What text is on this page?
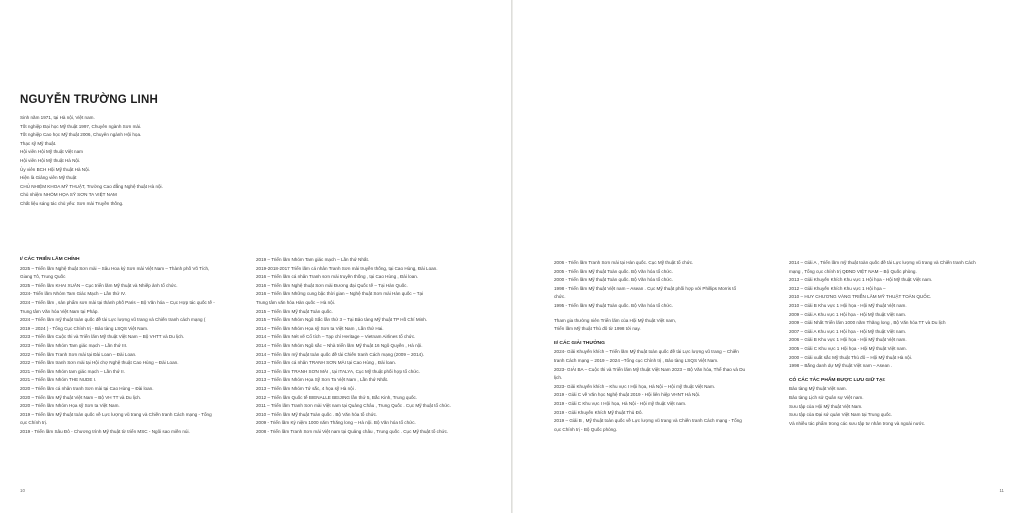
NGUYỄN TRƯỜNG LINH
Sinh năm 1971, tại Hà nội, Việt nam.
Tốt nghiệp Đại học Mỹ thuật 1997, Chuyên ngành Sơn mài.
Tốt nghiệp Cao học Mỹ thuật 2006, Chuyên ngành Hội họa.
Thạc sỹ Mỹ thuật.
Hội viên Hội Mỹ thuật Việt nam
Hội viên Hội Mỹ thuật Hà Nội.
Ủy viên BCH Hội Mỹ thuật Hà Nội.
Hiện là Giảng viên Mỹ thuật
CHỦ NHIỆM KHOA MỸ THUẬT, Trường Cao đẳng Nghệ thuật Hà nội.
Chủ nhiệm NHÓM HỌA SỸ SƠN TA VIỆT NAM
Chất liệu sáng tác chủ yếu: Sơn mài Truyền thống.
I/ CÁC TRIỂN LÃM CHÍNH
2025 – Triển lãm Nghệ thuật Sơn mài – Sâu Hoa ký Sơn mài Việt Nam – Thành phố Võ Tích,
Giang Tô, Trung Quốc
2025 – Triển lãm KHAI XUÂN – Cục triển lãm Mỹ thuật và Nhiếp ảnh tổ chức.
2024- Triển lãm Nhóm Tam Giác Mạch – Lần thứ IV.
2024 – Triển lãm , sản phẩm sơn mài tại thành phố Paris – Bộ Văn hóa – Cục Hợp tác quốc tế -
Trung tâm Văn hóa Việt Nam tại Pháp.
2024 – Triển lãm mỹ thuật toàn quốc đề tài Lực lượng vũ trang và Chiến tranh cách mạng (
2019 – 2024 ) - Tổng Cục Chính trị - Bảo tàng LSQS Việt Nam.
2023 – Triển lãm Cuộc thi và Triển lãm Mỹ thuật Việt Nam – Bộ VHTT và Du lịch.
2023 – Triển lãm Nhóm Tam giác mạch – Lần thứ III.
2022 – Triển lãm Tranh Sơn mài tại Đài Loan – Đài Loan.
2022 – Triển lãm tranh Sơn mài tại Hội chợ Nghệ thuật Cao Hùng – Đài Loan.
2021 – Triển lãm Nhóm tam giác mạch – Lần thứ II.
2021 – Triển lãm Nhóm THE NUDE I.
2020 – Triển lãm cá nhân tranh Sơn mài tại Cao Hùng – Đài loan.
2020 – Triển lãm Mỹ thuật Việt Nam – Bộ VH TT và Du lịch.
2020 – Triển lãm Nhóm Họa sỹ Sơn ta Việt Nam.
2019 – Triển lãm Mỹ thuật toàn quốc về Lực lượng vũ trang và Chiến tranh Cách mạng - Tổng
cục Chính trị.
2019 - Triển lãm Sâu Đô - Chương trình Mỹ thuật từ triển MSC - Ngôi sao miền núi.
2019 – Triển lãm Nhóm Tam giác mạch – Lần thứ Nhất.
2019-2018-2017 Triển lãm cá nhân Tranh Sơn mài truyền thống, tại Cao Hùng, Đài Loan.
2016 – Triển lãm cá nhân Tranh sơn mài truyền thống , tại Cao Hùng , Đài loan.
2016 – Triển lãm Nghệ thuật Sơn mài Đương đại Quốc tế – Tại Hàn Quốc.
2016 – Triển lãm Những cung bậc thời gian – Nghệ thuật Sơn mài Hàn quốc – Tại
Trung tâm văn hóa Hàn quốc – Hà nội.
2015 – Triển lãm Mỹ thuật Toàn quốc.
2015 – Triển lãm Nhóm Ngũ Sắc lần thứ 3 – Tại Bảo tàng Mỹ thuật TP Hồ Chí Minh.
2014 – Triển lãm Nhóm Họa sỹ Sơn ta Việt Nam , Lần thứ Hai.
2014 – Triển lãm Nét vẽ Cổ tích – Tạp chí Heritage – Vietnam Airlines tổ chức.
2014 – Triển lãm Nhóm Ngũ sắc – Nhà triển lãm Mỹ thuật 16 Ngô Quyền , Hà nội.
2014 – Triển lãm mỹ thuật toàn quốc đề tài Chiến tranh Cách mạng (2009 – 2014).
2013 – Triển lãm cá nhân TRANH SƠN MÀI tại Cao Hùng , Đài loan.
2013 – Triển lãm TRANH SƠN MÀI , tại ITALYA, Cục Mỹ thuật phối hợp tổ chức.
2013 – Triển lãm Nhóm Họa Sỹ Sơn Ta Việt Nam , Lần thứ Nhất.
2013 – Triển lãm Nhóm Tứ sắc, 4 họa sỹ Hà nội .
2012 – Triển lãm Quốc tế BIENALLE BEIJING lần thứ 5, Bắc Kinh, Trung quốc.
2011 – Triển lãm Tranh Sơn mài Việt nam tại Quảng Châu , Trung Quốc . Cục Mỹ thuật tổ chức.
2010 – Triển lãm Mỹ thuật Toàn quốc . Bộ Văn hóa tổ chức.
2009 - Triển lãm Kỷ niệm 1000 năm Thăng long – Hà nội. Bộ Văn hóa tổ chức.
2008 - Triển lãm Tranh Sơn mài Việt nam tại Quảng châu , Trung quốc . Cục Mỹ thuật tổ chức.
10
2006 - Triển lãm Tranh Sơn mài tại Hàn quốc. Cục Mỹ thuật tổ chức.
2005 - Triển lãm Mỹ thuật Toàn quốc. Bộ Văn hóa tổ chức.
2000 - Triển lãm Mỹ thuật Toàn quốc. Bộ Văn hóa tổ chức.
1998 - Triển lãm Mỹ thuật Việt nam – Asean . Cục Mỹ thuật phối hợp với Phillips Morris tổ
chức.
1995 - Triển lãm Mỹ thuật Toàn quốc. Bộ Văn hóa tổ chức.
Tham gia thường niên Triển lãm của Hội Mỹ thuật Việt nam,
Triển lãm Mỹ thuật Thủ đô từ 1998 tới nay.
II/ CÁC GIẢI THƯỞNG
2024- Giải Khuyến khích – Triển lãm Mỹ thuật toàn quốc đề tài Lực lượng vũ trang – Chiến
tranh Cách mạng – 2019 – 2024 –Tổng cục Chính trị , Bảo tàng LSQS Việt Nam.
2023- GIẢI BA – Cuộc thi và Triển lãm Mỹ thuật Việt Nam 2023 – Bộ Văn hóa, Thể thao và Du
lịch.
2023- Giải Khuyến khích – Khu vực I Hội họa, Hà Nội – Hội mỹ thuật Việt Nam.
2019 - Giải C về Văn học Nghệ thuật 2019 - Hội liên hiệp VHNT Hà Nội.
2019 - Giải C Khu vực I Hội họa, Hà Nội - Hội mỹ thuật Việt nam.
2019 - Giải Khuyến Khích Mỹ thuật Thủ Đô.
2019 – Giải B , Mỹ thuật toàn quốc về Lực lượng vũ trang và Chiến tranh Cách mạng - Tổng
cục Chính trị - Bộ Quốc phòng.
2014 – Giải A , Triển lãm mỹ thuật toàn quốc đề tài Lực lượng vũ trang và Chiến tranh Cách
mạng , Tổng cục chính trị QĐND VIỆT NAM – Bộ Quốc phòng.
2013 – Giải Khuyến Khích Khu vực 1 Hội họa - Hội Mỹ thuật Việt nam.
2012 – Giải Khuyến Khích Khu vực 1 Hội họa –
2010 – HUY CHƯƠNG VÀNG TRIỂN LÃM MỸ THUẬT TOÀN QUỐC.
2010 – Giải B Khu vực 1 Hội họa - Hội Mỹ thuật Việt nam.
2009 – Giải A Khu vực 1 Hội họa - Hội Mỹ thuật Việt nam.
2009 – Giải Nhất Triển lãm 1000 năm Thăng long , Bộ Văn hóa TT và Du lịch
2007 – Giải A Khu vực 1 Hội họa - Hội Mỹ thuật Việt nam.
2006 – Giải B Khu vực 1 Hội họa - Hội Mỹ thuật Việt nam.
2005 – Giải C Khu vực 1 Hội họa - Hội Mỹ thuật Việt nam.
2000 – Giải xuất sắc Mỹ thuật Thủ đô – Hội Mỹ thuật Hà nội.
1998 – Bằng danh dự Mỹ thuật Việt nam – Asean .
CÓ CÁC TÁC PHẨM ĐƯỢC LƯU GIỮ TẠI:
Bảo tàng Mỹ thuật Việt nam.
Bảo tàng Lịch sử Quân sự Việt nam.
Sưu tập của Hội Mỹ thuật Việt Nam.
Sưu tập của Đại sứ quán Việt Nam tại Trung quốc.
Và nhiều tác phẩm trong các sưu tập tư nhân trong và ngoài nước.
11
